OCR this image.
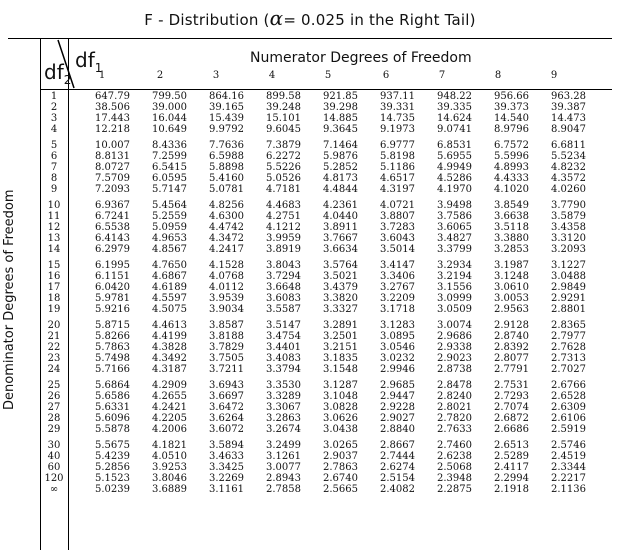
F - Distribution (α= 0.025 in the Right Tail)
Numerator Degrees of Freedom
$df_1$
$df_2$
Denominator Degrees of Freedom
1	2	3	4	5	6	7	8	9
1	647.79	799.50	864.16	899.58	921.85	937.11	948.22	956.66	963.28
2	38.506	39.000	39.165	39.248	39.298	39.331	39.335	39.373	39.387
3	17.443	16.044	15.439	15.101	14.885	14.735	14.624	14.540	14.473
4	12.218	10.649	9.9792	9.6045	9.3645	9.1973	9.0741	8.9796	8.9047
5	10.007	8.4336	7.7636	7.3879	7.1464	6.9777	6.8531	6.7572	6.6811
6	8.8131	7.2599	6.5988	6.2272	5.9876	5.8198	5.6955	5.5996	5.5234
7	8.0727	6.5415	5.8898	5.5226	5.2852	5.1186	4.9949	4.8993	4.8232
8	7.5709	6.0595	5.4160	5.0526	4.8173	4.6517	4.5286	4.4333	4.3572
9	7.2093	5.7147	5.0781	4.7181	4.4844	4.3197	4.1970	4.1020	4.0260
10	6.9367	5.4564	4.8256	4.4683	4.2361	4.0721	3.9498	3.8549	3.7790
11	6.7241	5.2559	4.6300	4.2751	4.0440	3.8807	3.7586	3.6638	3.5879
12	6.5538	5.0959	4.4742	4.1212	3.8911	3.7283	3.6065	3.5118	3.4358
13	6.4143	4.9653	4.3472	3.9959	3.7667	3.6043	3.4827	3.3880	3.3120
14	6.2979	4.8567	4.2417	3.8919	3.6634	3.5014	3.3799	3.2853	3.2093
15	6.1995	4.7650	4.1528	3.8043	3.5764	3.4147	3.2934	3.1987	3.1227
16	6.1151	4.6867	4.0768	3.7294	3.5021	3.3406	3.2194	3.1248	3.0488
17	6.0420	4.6189	4.0112	3.6648	3.4379	3.2767	3.1556	3.0610	2.9849
18	5.9781	4.5597	3.9539	3.6083	3.3820	3.2209	3.0999	3.0053	2.9291
19	5.9216	4.5075	3.9034	3.5587	3.3327	3.1718	3.0509	2.9563	2.8801
20	5.8715	4.4613	3.8587	3.5147	3.2891	3.1283	3.0074	2.9128	2.8365
21	5.8266	4.4199	3.8188	3.4754	3.2501	3.0895	2.9686	2.8740	2.7977
22	5.7863	4.3828	3.7829	3.4401	3.2151	3.0546	2.9338	2.8392	2.7628
23	5.7498	4.3492	3.7505	3.4083	3.1835	3.0232	2.9023	2.8077	2.7313
24	5.7166	4.3187	3.7211	3.3794	3.1548	2.9946	2.8738	2.7791	2.7027
25	5.6864	4.2909	3.6943	3.3530	3.1287	2.9685	2.8478	2.7531	2.6766
26	5.6586	4.2655	3.6697	3.3289	3.1048	2.9447	2.8240	2.7293	2.6528
27	5.6331	4.2421	3.6472	3.3067	3.0828	2.9228	2.8021	2.7074	2.6309
28	5.6096	4.2205	3.6264	3.2863	3.0626	2.9027	2.7820	2.6872	2.6106
29	5.5878	4.2006	3.6072	3.2674	3.0438	2.8840	2.7633	2.6686	2.5919
30	5.5675	4.1821	3.5894	3.2499	3.0265	2.8667	2.7460	2.6513	2.5746
40	5.4239	4.0510	3.4633	3.1261	2.9037	2.7444	2.6238	2.5289	2.4519
60	5.2856	3.9253	3.3425	3.0077	2.7863	2.6274	2.5068	2.4117	2.3344
120	5.1523	3.8046	3.2269	2.8943	2.6740	2.5154	2.3948	2.2994	2.2217
∞	5.0239	3.6889	3.1161	2.7858	2.5665	2.4082	2.2875	2.1918	2.1136
